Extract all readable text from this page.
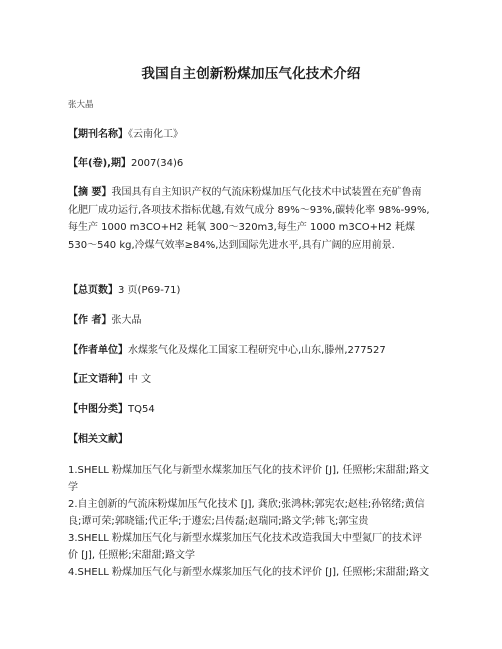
我国自主创新粉煤加压气化技术介绍
张大晶
【期刊名称】《云南化工》
【年(卷),期】2007(34)6
【摘 要】我国具有自主知识产权的气流床粉煤加压气化技术中试装置在充矿鲁南
化肥厂成功运行,各项技术指标优越,有效气成分 89%～93%,碳转化率 98%-99%,
每生产 1000 m3CO+H2 耗氧 300～320m3,每生产 1000 m3CO+H2 耗煤
530～540 kg,冷煤气效率≥84%,达到国际先进水平,具有广阔的应用前景.
【总页数】3 页(P69-71)
【作 者】张大晶
【作者单位】水煤浆气化及煤化工国家工程研究中心,山东,滕州,277527
【正文语种】中 文
【中图分类】TQ54
【相关文献】
1.SHELL 粉煤加压气化与新型水煤浆加压气化的技术评价 [J], 任照彬;宋甜甜;路文
学
2.自主创新的气流床粉煤加压气化技术 [J], 龚欣;张鸿林;郭宪农;赵桂;孙铭绪;黄信
良;谭可荣;郭晓镭;代正华;于遵宏;吕传磊;赵瑞同;路文学;韩飞;郭宝贵
3.SHELL 粉煤加压气化与新型水煤浆加压气化技术改造我国大中型氮厂的技术评
价 [J], 任照彬;宋甜甜;路文学
4.SHELL 粉煤加压气化与新型水煤浆加压气化的技术评价 [J], 任照彬;宋甜甜;路文
